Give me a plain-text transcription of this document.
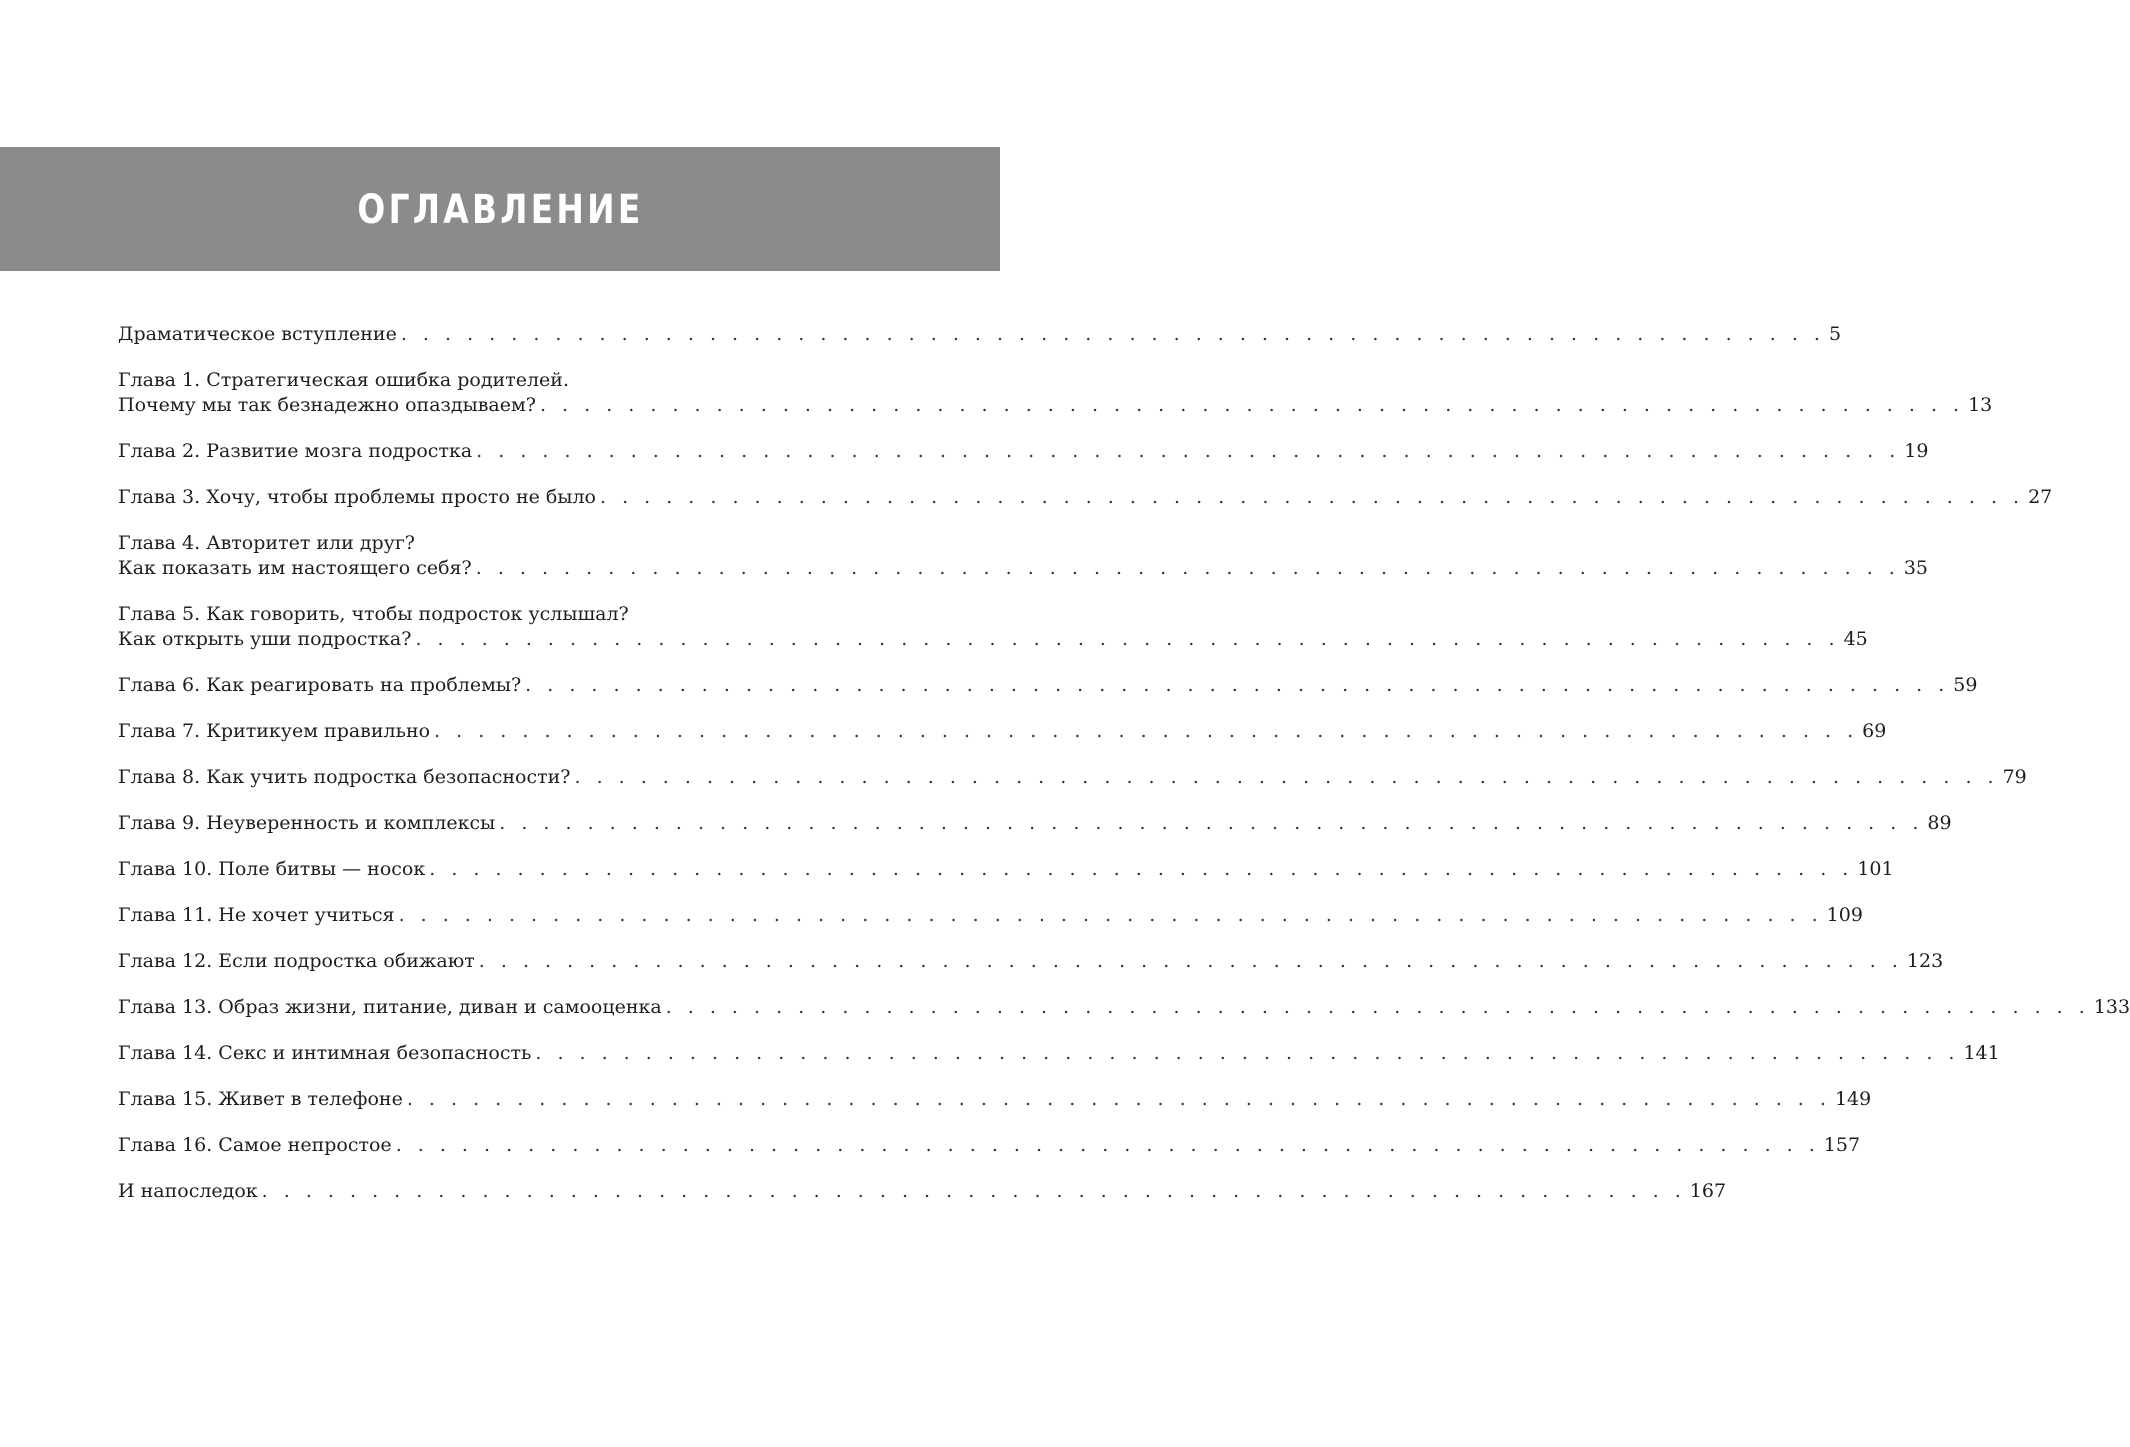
ОГЛАВЛЕНИЕ
Драматическое вступление . . . . . . . . . . . . . . . . . . . . . . . . . . . . . . . . . . . . . . . . . . . . . . . . . . . . . . . . . . . . . . . . . 5
Глава 1. Стратегическая ошибка родителей.
Почему мы так безнадежно опаздываем? . . . . . . . . . . . . . . . . . . . . . . . . . . . . . . . . . . . . . . . . . . . . . . . . . . . . . . . . . . . . . . . . . 13
Глава 2. Развитие мозга подростка . . . . . . . . . . . . . . . . . . . . . . . . . . . . . . . . . . . . . . . . . . . . . . . . . . . . . . . . . . . . . . . . . 19
Глава 3. Хочу, чтобы проблемы просто не было . . . . . . . . . . . . . . . . . . . . . . . . . . . . . . . . . . . . . . . . . . . . . . . . . . . . . . . . . . . . . . . . . 27
Глава 4. Авторитет или друг?
Как показать им настоящего себя? . . . . . . . . . . . . . . . . . . . . . . . . . . . . . . . . . . . . . . . . . . . . . . . . . . . . . . . . . . . . . . . . . 35
Глава 5. Как говорить, чтобы подросток услышал?
Как открыть уши подростка? . . . . . . . . . . . . . . . . . . . . . . . . . . . . . . . . . . . . . . . . . . . . . . . . . . . . . . . . . . . . . . . . . 45
Глава 6. Как реагировать на проблемы? . . . . . . . . . . . . . . . . . . . . . . . . . . . . . . . . . . . . . . . . . . . . . . . . . . . . . . . . . . . . . . . . . 59
Глава 7. Критикуем правильно . . . . . . . . . . . . . . . . . . . . . . . . . . . . . . . . . . . . . . . . . . . . . . . . . . . . . . . . . . . . . . . . . 69
Глава 8. Как учить подростка безопасности? . . . . . . . . . . . . . . . . . . . . . . . . . . . . . . . . . . . . . . . . . . . . . . . . . . . . . . . . . . . . . . . . . 79
Глава 9. Неуверенность и комплексы . . . . . . . . . . . . . . . . . . . . . . . . . . . . . . . . . . . . . . . . . . . . . . . . . . . . . . . . . . . . . . . . . 89
Глава 10. Поле битвы — носок . . . . . . . . . . . . . . . . . . . . . . . . . . . . . . . . . . . . . . . . . . . . . . . . . . . . . . . . . . . . . . . . . 101
Глава 11. Не хочет учиться . . . . . . . . . . . . . . . . . . . . . . . . . . . . . . . . . . . . . . . . . . . . . . . . . . . . . . . . . . . . . . . . . 109
Глава 12. Если подростка обижают . . . . . . . . . . . . . . . . . . . . . . . . . . . . . . . . . . . . . . . . . . . . . . . . . . . . . . . . . . . . . . . . . 123
Глава 13. Образ жизни, питание, диван и самооценка . . . . . . . . . . . . . . . . . . . . . . . . . . . . . . . . . . . . . . . . . . . . . . . . . . . . . . . . . . . . . . . . . 133
Глава 14. Секс и интимная безопасность . . . . . . . . . . . . . . . . . . . . . . . . . . . . . . . . . . . . . . . . . . . . . . . . . . . . . . . . . . . . . . . . . 141
Глава 15. Живет в телефоне . . . . . . . . . . . . . . . . . . . . . . . . . . . . . . . . . . . . . . . . . . . . . . . . . . . . . . . . . . . . . . . . . 149
Глава 16. Самое непростое . . . . . . . . . . . . . . . . . . . . . . . . . . . . . . . . . . . . . . . . . . . . . . . . . . . . . . . . . . . . . . . . . 157
И напоследок . . . . . . . . . . . . . . . . . . . . . . . . . . . . . . . . . . . . . . . . . . . . . . . . . . . . . . . . . . . . . . . . . 167
